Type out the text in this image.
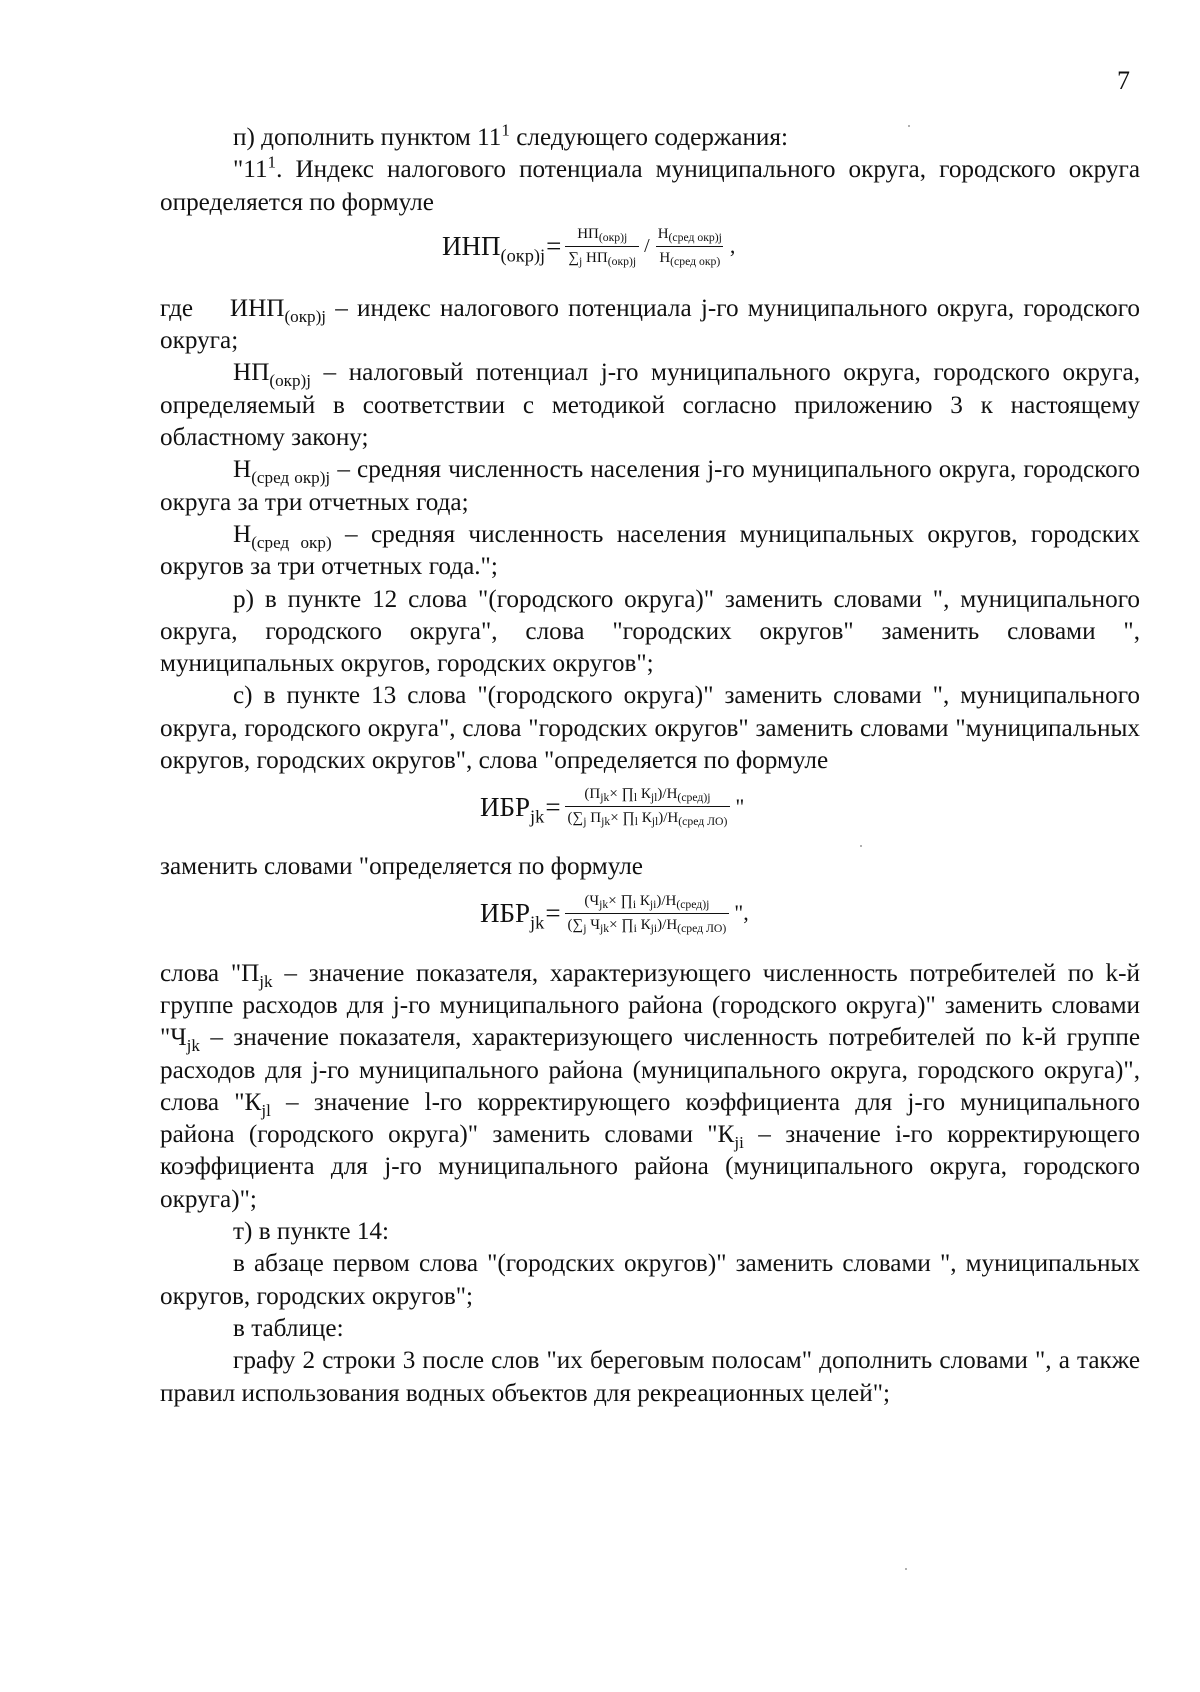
7

п) дополнить пунктом $11^1$ следующего содержания:

"$11^1$. Индекс налогового потенциала муниципального округа, городского округа определяется по формуле

$ИНП_{(окр)j} = \frac{НП_{(окр)j}}{\sum_j НП_{(окр)j}} / \frac{Н_{(сред окр)j}}{Н_{(сред окр)}}$ ,

где $ИНП_{(окр)j}$ – индекс налогового потенциала j-го муниципального округа, городского округа;

$НП_{(окр)j}$ – налоговый потенциал j-го муниципального округа, городского округа, определяемый в соответствии с методикой согласно приложению 3 к настоящему областному закону;

$Н_{(сред окр)j}$ – средняя численность населения j-го муниципального округа, городского округа за три отчетных года;

$Н_{(сред окр)}$ – средняя численность населения муниципальных округов, городских округов за три отчетных года.";

р) в пункте 12 слова "(городского округа)" заменить словами ", муниципального округа, городского округа", слова "городских округов" заменить словами ", муниципальных округов, городских округов";

с) в пункте 13 слова "(городского округа)" заменить словами ", муниципального округа, городского округа", слова "городских округов" заменить словами "муниципальных округов, городских округов", слова "определяется по формуле

$ИБР_{jk} = \frac{(П_{jk}\times \prod_l К_{jl})/Н_{(сред)j}}{(\sum_j П_{jk}\times \prod_l К_{jl})/Н_{(сред ЛО)}}$ "

заменить словами "определяется по формуле

$ИБР_{jk} = \frac{(Ч_{jk}\times \prod_i К_{ji})/Н_{(сред)j}}{(\sum_j Ч_{jk}\times \prod_i К_{ji})/Н_{(сред ЛО)}}$ ",

слова "$П_{jk}$ – значение показателя, характеризующего численность потребителей по k-й группе расходов для j-го муниципального района (городского округа)" заменить словами "$Ч_{jk}$ – значение показателя, характеризующего численность потребителей по k-й группе расходов для j-го муниципального района (муниципального округа, городского округа)", слова "$К_{jl}$ – значение l-го корректирующего коэффициента для j-го муниципального района (городского округа)" заменить словами "$К_{ji}$ – значение i-го корректирующего коэффициента для j-го муниципального района (муниципального округа, городского округа)";

т) в пункте 14:

в абзаце первом слова "(городских округов)" заменить словами ", муниципальных округов, городских округов";

в таблице:

графу 2 строки 3 после слов "их береговым полосам" дополнить словами ", а также правил использования водных объектов для рекреационных целей";
